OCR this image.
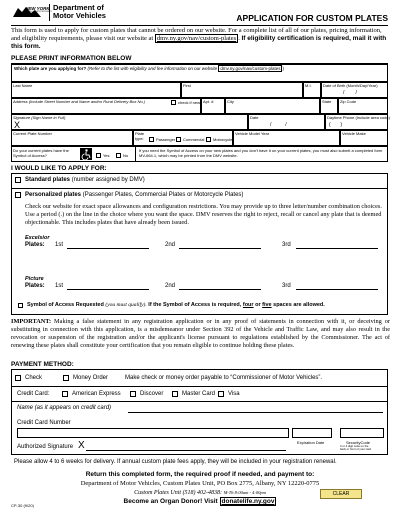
NEW YORK
STATE OF OPPORTUNITY Department of
Motor Vehicles	APPLICATION FOR CUSTOM PLATES
This form is used to apply for custom plates that cannot be ordered on our website. For a complete list of all of our plates, pricing information, and eligibility requirements, please visit our website at dmv.ny.gov/nav/custom-plates . If eligibility certification is required, mail it with this form.
PLEASE PRINT INFORMATION BELOW
Which plate are you applying for? (Refer to the list with eligibility and fee information on our website dmv.ny.gov/nav/custom-plates )
Last Name	First	M.I.	Date of Birth (Month/Day/Year)
/        /
Address (Include Street Number and Name and/or Rural Delivery Box No.)	check if new Apt. #	City	State Zip Code
Signature (Sign Name in Full)
X
Date
/          /
Daytime Phone (Include area code)
(       )
Current Plate Number	Plate type:	Passenger Commercial Motorcycle
Vehicle Model Year	Vehicle Make
Do your current plates have the Symbol of Access?	Yes	No
If you need the Symbol of Access on your new plates and you don't have it on your current plates, you must also submit a completed form MV-664.1, which may be printed from the DMV website.
I WOULD LIKE TO APPLY FOR:
Standard plates (number assigned by DMV)
Personalized plates (Passenger Plates, Commercial Plates or Motorcycle Plates)
Check our website for exact space allowances and configuration restrictions. You may provide up to three letter/number combination choices. Use a period (.) on the line in the choice where you want the space. DMV reserves the right to reject, recall or cancel any plate that is deemed objectionable. This includes plates that have already been issued.
Excelsior
Plates: 1st	2nd	3rd
Picture
Plates: 1st	2nd	3rd
Symbol of Access Requested (you must qualify). If the Symbol of Access is required, four or five spaces are allowed.
IMPORTANT: Making a false statement in any registration application or in any proof of statements in connection with it, or deceiving or substituting in connection with this application, is a misdemeanor under Section 392 of the Vehicle and Traffic Law, and may also result in the revocation or suspension of the registration and/or the applicant's license pursuant to regulations established by the Commissioner. The act of renewing these plates shall constitute your certification that you remain eligible to continue holding these plates.
PAYMENT METHOD:
Check	Money Order	Make check or money order payable to “Commissioner of Motor Vehicles”.
Credit Card:	American Express	Discover	Master Card Visa
Name (as it appears on credit card)
Credit Card Number
Expiration Date	SecurityCode
3 or 4 digit code on the
back or front of your card
Authorized Signature X
Please allow 4 to 6 weeks for delivery. If annual custom plate fees apply, they will be included in your registration renewal.
Return this completed form, the required proof if needed, and payment to:
Department of Motor Vehicles, Custom Plates Unit, PO Box 2775, Albany, NY 12220-0775
Custom Plates Unit (518) 402-4838: M-Th 8:00am - 4:00pm
CP-30 (9/20)
Become an Organ Donor! Visit donatelife.ny.gov
CLEAR
